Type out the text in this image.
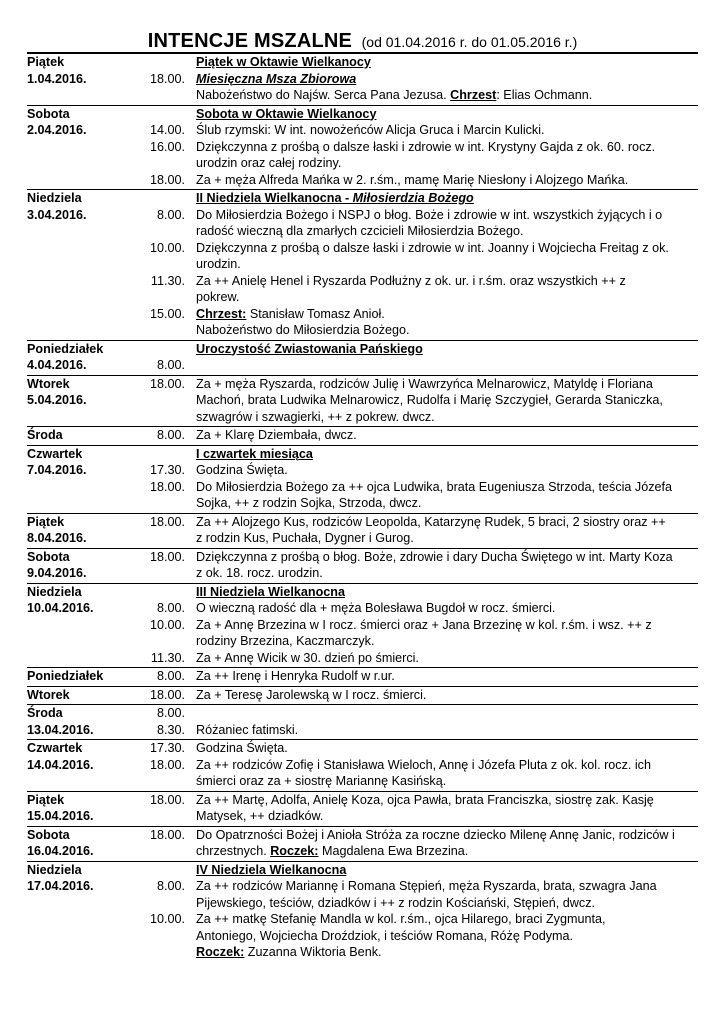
INTENCJE MSZALNE (od 01.04.2016 r. do 01.05.2016 r.)
Piątek	Piątek w Oktawie Wielkanocy
1.04.2016.	18.00. Miesięczna Msza Zbiorowa
Nabożeństwo do Najśw. Serca Pana Jezusa. Chrzest: Elias Ochmann.
Sobota	Sobota w Oktawie Wielkanocy
2.04.2016.	14.00. Ślub rzymski: W int. nowożeńców Alicja Gruca i Marcin Kulicki.
16.00. Dziękczynna z prośbą o dalsze łaski i zdrowie w int. Krystyny Gajda z ok. 60. rocz.
urodzin oraz całej rodziny.
18.00. Za + męża Alfreda Mańka w 2. r.śm., mamę Marię Niesłony i Alojzego Mańka.
Niedziela	II Niedziela Wielkanocna - Miłosierdzia Bożego
3.04.2016.	8.00. Do Miłosierdzia Bożego i NSPJ o błog. Boże i zdrowie w int. wszystkich żyjących i o
radość wieczną dla zmarłych czcicieli Miłosierdzia Bożego.
10.00. Dziękczynna z prośbą o dalsze łaski i zdrowie w int. Joanny i Wojciecha Freitag z ok.
urodzin.
11.30. Za ++ Anielę Henel i Ryszarda Podłużny z ok. ur. i r.śm. oraz wszystkich ++ z
pokrew.
15.00. Chrzest: Stanisław Tomasz Anioł.
Nabożeństwo do Miłosierdzia Bożego.
Poniedziałek	Uroczystość Zwiastowania Pańskiego
4.04.2016.	8.00.
Wtorek	18.00. Za + męża Ryszarda, rodziców Julię i Wawrzyńca Melnarowicz, Matyldę i Floriana
5.04.2016.	Machoń, brata Ludwika Melnarowicz, Rudolfa i Marię Szczygieł, Gerarda Staniczka,
szwagrów i szwagierki, ++ z pokrew. dwcz.
Środa	8.00. Za + Klarę Dziembała, dwcz.
Czwartek	I czwartek miesiąca
7.04.2016.	17.30. Godzina Święta.
18.00. Do Miłosierdzia Bożego za ++ ojca Ludwika, brata Eugeniusza Strzoda, teścia Józefa
Sojka, ++ z rodzin Sojka, Strzoda, dwcz.
Piątek	18.00. Za ++ Alojzego Kus, rodziców Leopolda, Katarzynę Rudek, 5 braci, 2 siostry oraz ++
8.04.2016.	z rodzin Kus, Puchała, Dygner i Gurog.
Sobota	18.00. Dziękczynna z prośbą o błog. Boże, zdrowie i dary Ducha Świętego w int. Marty Koza
9.04.2016.	z ok. 18. rocz. urodzin.
Niedziela	III Niedziela Wielkanocna
10.04.2016.	8.00. O wieczną radość dla + męża Bolesława Bugdoł w rocz. śmierci.
10.00. Za + Annę Brzezina w I rocz. śmierci oraz + Jana Brzezinę w kol. r.śm. i wsz. ++ z
rodziny Brzezina, Kaczmarczyk.
11.30. Za + Annę Wicik w 30. dzień po śmierci.
Poniedziałek	8.00. Za ++ Irenę i Henryka Rudolf w r.ur.
Wtorek	18.00. Za + Teresę Jarolewską w I rocz. śmierci.
Środa	8.00.
13.04.2016.	8.30. Różaniec fatimski.
Czwartek	17.30. Godzina Święta.
14.04.2016.	18.00. Za ++ rodziców Zofię i Stanisława Wieloch, Annę i Józefa Pluta z ok. kol. rocz. ich
śmierci oraz za + siostrę Mariannę Kasińską.
Piątek	18.00. Za ++ Martę, Adolfa, Anielę Koza, ojca Pawła, brata Franciszka, siostrę zak. Kasję
15.04.2016.	Matysek, ++ dziadków.
Sobota	18.00. Do Opatrzności Bożej i Anioła Stróża za roczne dziecko Milenę Annę Janic, rodziców i
16.04.2016.	chrzestnych. Roczek: Magdalena Ewa Brzezina.
Niedziela	IV Niedziela Wielkanocna
17.04.2016.	8.00. Za ++ rodziców Mariannę i Romana Stępień, męża Ryszarda, brata, szwagra Jana
Pijewskiego, teściów, dziadków i ++ z rodzin Kościański, Stępień, dwcz.
10.00. Za ++ matkę Stefanię Mandla w kol. r.śm., ojca Hilarego, braci Zygmunta,
Antoniego, Wojciecha Droździok, i teściów Romana, Różę Podyma.
Roczek: Zuzanna Wiktoria Benk.
